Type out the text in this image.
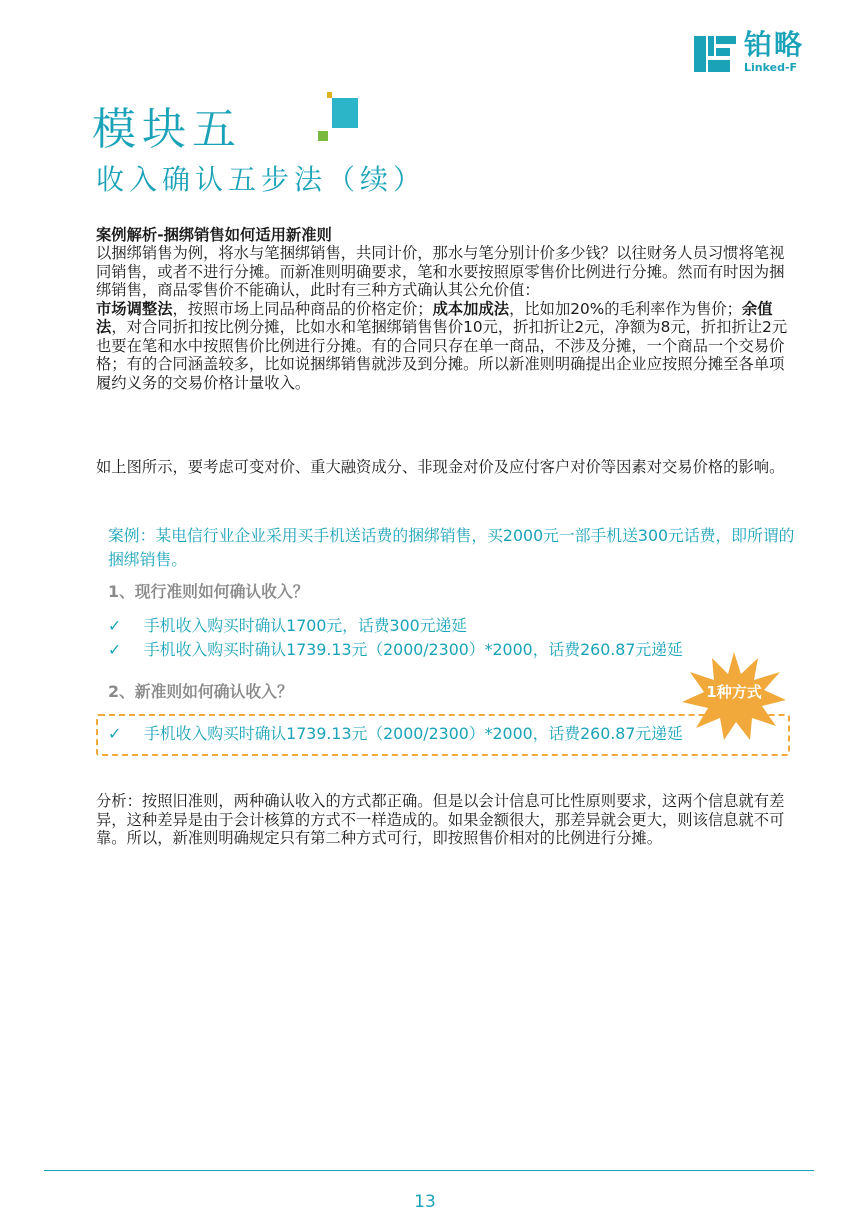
铂略
Linked-F
模块五
收入确认五步法（续）
案例解析-捆绑销售如何适用新准则
以捆绑销售为例，将水与笔捆绑销售，共同计价，那水与笔分别计价多少钱？以往财务人员习惯将笔视同销售，或者不进行分摊。而新准则明确要求，笔和水要按照原零售价比例进行分摊。然而有时因为捆绑销售，商品零售价不能确认，此时有三种方式确认其公允价值：
市场调整法，按照市场上同品种商品的价格定价；成本加成法，比如加20%的毛利率作为售价；余值法，对合同折扣按比例分摊，比如水和笔捆绑销售售价10元，折扣折让2元，净额为8元，折扣折让2元也要在笔和水中按照售价比例进行分摊。有的合同只存在单一商品，不涉及分摊，一个商品一个交易价格；有的合同涵盖较多，比如说捆绑销售就涉及到分摊。所以新准则明确提出企业应按照分摊至各单项履约义务的交易价格计量收入。
如上图所示，要考虑可变对价、重大融资成分、非现金对价及应付客户对价等因素对交易价格的影响。
案例：某电信行业企业采用买手机送话费的捆绑销售，买2000元一部手机送300元话费，即所谓的捆绑销售。
1、现行准则如何确认收入？
✓ 手机收入购买时确认1700元，话费300元递延
✓ 手机收入购买时确认1739.13元（2000/2300）*2000，话费260.87元递延
2、新准则如何确认收入？
✓ 手机收入购买时确认1739.13元（2000/2300）*2000，话费260.87元递延
1种方式
分析：按照旧准则，两种确认收入的方式都正确。但是以会计信息可比性原则要求，这两个信息就有差异，这种差异是由于会计核算的方式不一样造成的。如果金额很大，那差异就会更大，则该信息就不可靠。所以，新准则明确规定只有第二种方式可行，即按照售价相对的比例进行分摊。
13
